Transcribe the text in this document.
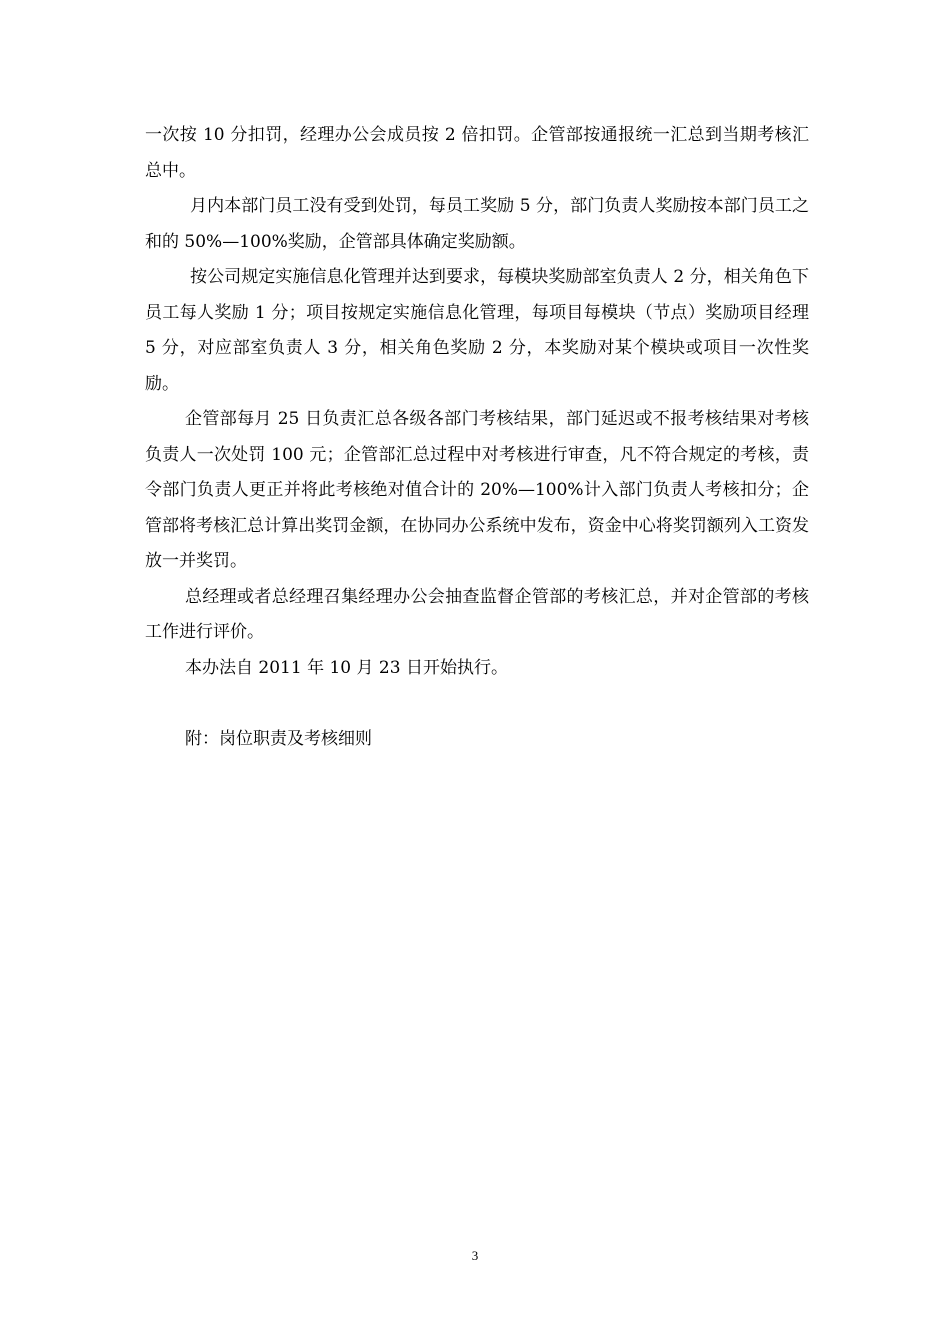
一次按 10 分扣罚，经理办公会成员按 2 倍扣罚。企管部按通报统一汇总到当期考核汇总中。

月内本部门员工没有受到处罚，每员工奖励 5 分，部门负责人奖励按本部门员工之和的 50%—100%奖励，企管部具体确定奖励额。

按公司规定实施信息化管理并达到要求，每模块奖励部室负责人 2 分，相关角色下员工每人奖励 1 分；项目按规定实施信息化管理，每项目每模块（节点）奖励项目经理 5 分，对应部室负责人 3 分，相关角色奖励 2 分，本奖励对某个模块或项目一次性奖励。

企管部每月 25 日负责汇总各级各部门考核结果，部门延迟或不报考核结果对考核负责人一次处罚 100 元；企管部汇总过程中对考核进行审查，凡不符合规定的考核，责令部门负责人更正并将此考核绝对值合计的 20%—100%计入部门负责人考核扣分；企管部将考核汇总计算出奖罚金额，在协同办公系统中发布，资金中心将奖罚额列入工资发放一并奖罚。

总经理或者总经理召集经理办公会抽查监督企管部的考核汇总，并对企管部的考核工作进行评价。

本办法自 2011 年 10 月 23 日开始执行。

附：岗位职责及考核细则

3
